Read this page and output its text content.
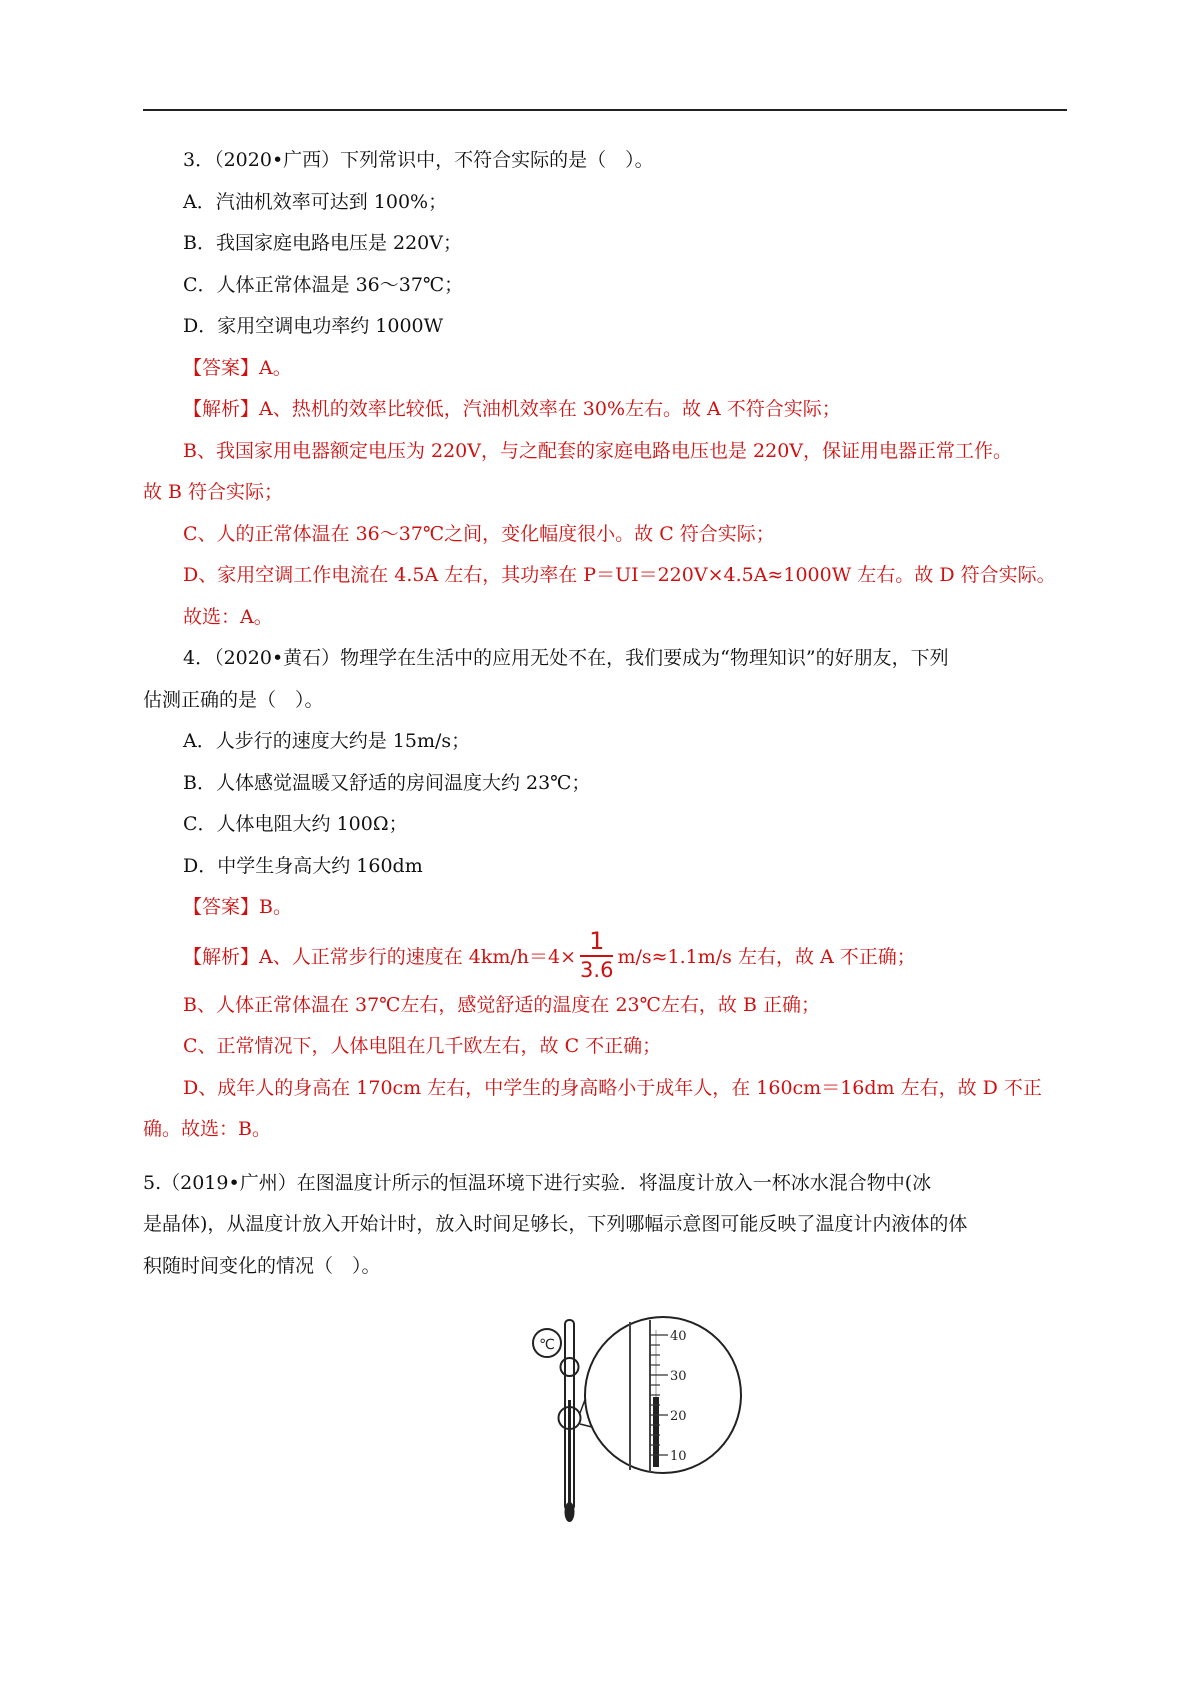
3．（2020•广西）下列常识中，不符合实际的是（　）。
A．汽油机效率可达到 100%；
B．我国家庭电路电压是 220V；
C．人体正常体温是 36～37℃；
D．家用空调电功率约 1000W
【答案】A。
【解析】A、热机的效率比较低，汽油机效率在 30%左右。故 A 不符合实际；
B、我国家用电器额定电压为 220V，与之配套的家庭电路电压也是 220V，保证用电器正常工作。
故 B 符合实际；
C、人的正常体温在 36～37℃之间，变化幅度很小。故 C 符合实际；
D、家用空调工作电流在 4.5A 左右，其功率在 P＝UI＝220V×4.5A≈1000W 左右。故 D 符合实际。
故选：A。
4．（2020•黄石）物理学在生活中的应用无处不在，我们要成为“物理知识”的好朋友，下列
估测正确的是（　）。
A．人步行的速度大约是 15m/s；
B．人体感觉温暖又舒适的房间温度大约 23℃；
C．人体电阻大约 100Ω；
D．中学生身高大约 160dm
【答案】B。
【解析】A、人正常步行的速度在 $4km/h=4\times \frac{1}{3.6} m/s\approx 1.1m/s$ 左右，故 A 不正确；
B、人体正常体温在 37℃左右，感觉舒适的温度在 23℃左右，故 B 正确；
C、正常情况下，人体电阻在几千欧左右，故 C 不正确；
D、成年人的身高在 170cm 左右，中学生的身高略小于成年人，在 160cm＝16dm 左右，故 D 不正
确。故选：B。
5.（2019•广州）在图温度计所示的恒温环境下进行实验．将温度计放入一杯冰水混合物中(冰
是晶体)，从温度计放入开始计时，放入时间足够长，下列哪幅示意图可能反映了温度计内液体的体
积随时间变化的情况（　）。
℃
40
30
20
10
